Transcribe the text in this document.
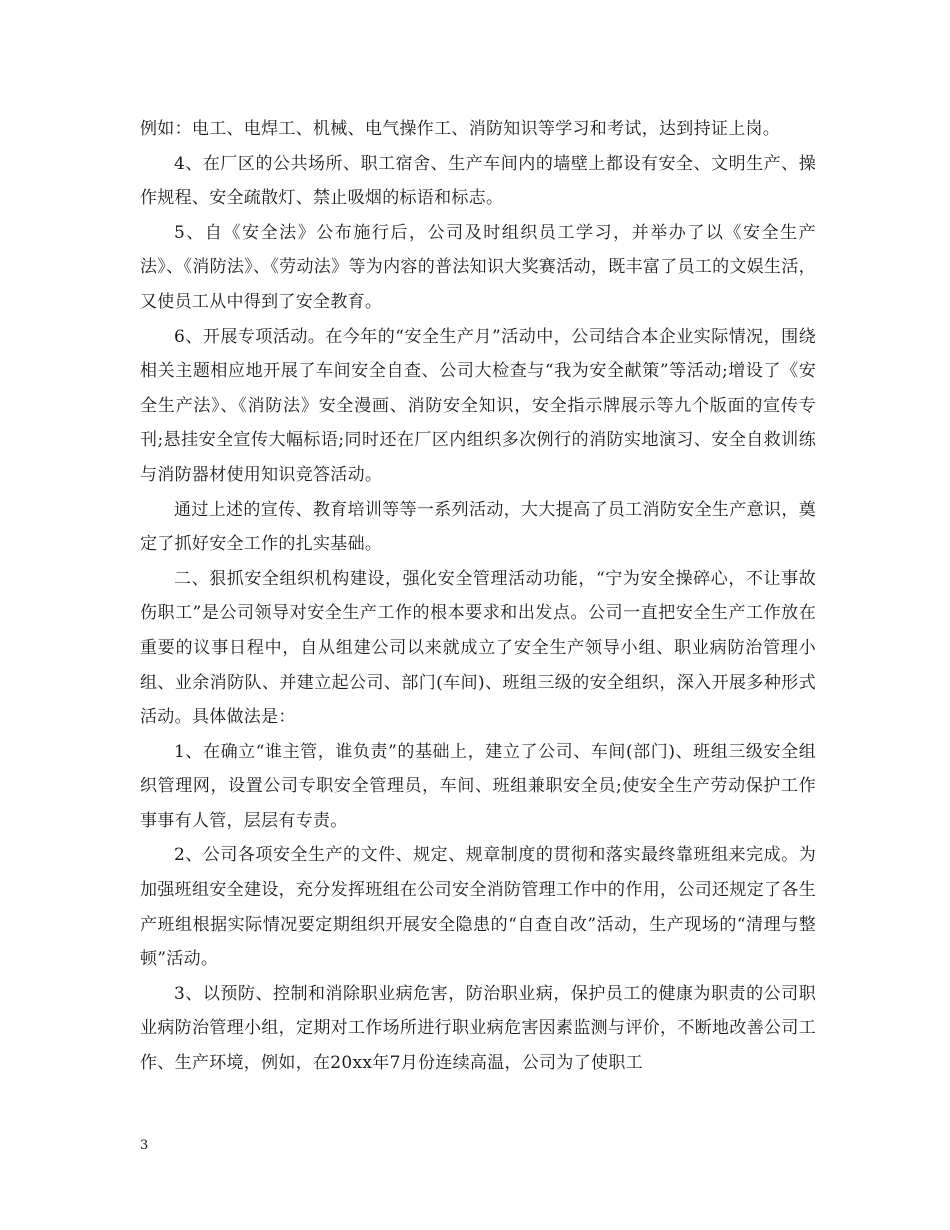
例如：电工、电焊工、机械、电气操作工、消防知识等学习和考试，达到持证上岗。

4、在厂区的公共场所、职工宿舍、生产车间内的墙壁上都设有安全、文明生产、操作规程、安全疏散灯、禁止吸烟的标语和标志。

5、自《安全法》公布施行后，公司及时组织员工学习，并举办了以《安全生产法》、《消防法》、《劳动法》等为内容的普法知识大奖赛活动，既丰富了员工的文娱生活，又使员工从中得到了安全教育。

6、开展专项活动。在今年的“安全生产月”活动中，公司结合本企业实际情况，围绕相关主题相应地开展了车间安全自查、公司大检查与“我为安全献策”等活动;增设了《安全生产法》、《消防法》安全漫画、消防安全知识，安全指示牌展示等九个版面的宣传专刊;悬挂安全宣传大幅标语;同时还在厂区内组织多次例行的消防实地演习、安全自救训练与消防器材使用知识竞答活动。

通过上述的宣传、教育培训等等一系列活动，大大提高了员工消防安全生产意识，奠定了抓好安全工作的扎实基础。

二、狠抓安全组织机构建设，强化安全管理活动功能，“宁为安全操碎心，不让事故伤职工”是公司领导对安全生产工作的根本要求和出发点。公司一直把安全生产工作放在重要的议事日程中，自从组建公司以来就成立了安全生产领导小组、职业病防治管理小组、业余消防队、并建立起公司、部门(车间)、班组三级的安全组织，深入开展多种形式活动。具体做法是：

1、在确立“谁主管，谁负责”的基础上，建立了公司、车间(部门)、班组三级安全组织管理网，设置公司专职安全管理员，车间、班组兼职安全员;使安全生产劳动保护工作事事有人管，层层有专责。

2、公司各项安全生产的文件、规定、规章制度的贯彻和落实最终靠班组来完成。为加强班组安全建设，充分发挥班组在公司安全消防管理工作中的作用，公司还规定了各生产班组根据实际情况要定期组织开展安全隐患的“自查自改”活动，生产现场的“清理与整顿”活动。

3、以预防、控制和消除职业病危害，防治职业病，保护员工的健康为职责的公司职业病防治管理小组，定期对工作场所进行职业病危害因素监测与评价，不断地改善公司工作、生产环境，例如，在20xx年7月份连续高温，公司为了使职工

3
